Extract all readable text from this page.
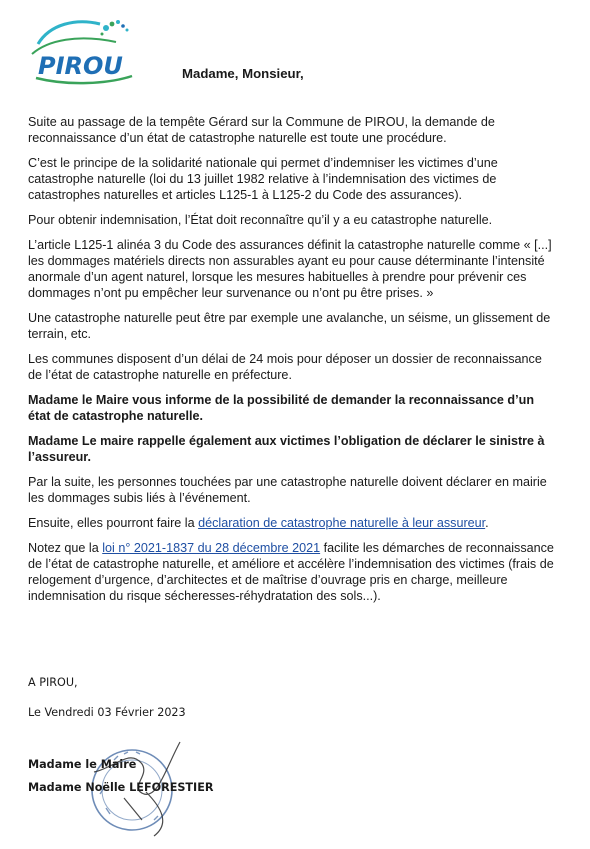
PIROU	Madame, Monsieur,

Suite au passage de la tempête Gérard sur la Commune de PIROU, la demande de reconnaissance d’un état de catastrophe naturelle est toute une procédure.

C’est le principe de la solidarité nationale qui permet d’indemniser les victimes d’une catastrophe naturelle (loi du 13 juillet 1982 relative à l’indemnisation des victimes de catastrophes naturelles et articles L125-1 à L125-2 du Code des assurances).

Pour obtenir indemnisation, l’État doit reconnaître qu’il y a eu catastrophe naturelle.

L’article L125-1 alinéa 3 du Code des assurances définit la catastrophe naturelle comme « [...] les dommages matériels directs non assurables ayant eu pour cause déterminante l’intensité anormale d’un agent naturel, lorsque les mesures habituelles à prendre pour prévenir ces dommages n’ont pu empêcher leur survenance ou n’ont pu être prises. »

Une catastrophe naturelle peut être par exemple une avalanche, un séisme, un glissement de terrain, etc.

Les communes disposent d’un délai de 24 mois pour déposer un dossier de reconnaissance de l’état de catastrophe naturelle en préfecture.

Madame le Maire vous informe de la possibilité de demander la reconnaissance d’un état de catastrophe naturelle.

Madame Le maire rappelle également aux victimes l’obligation de déclarer le sinistre à l’assureur.

Par la suite, les personnes touchées par une catastrophe naturelle doivent déclarer en mairie les dommages subis liés à l’événement.

Ensuite, elles pourront faire la déclaration de catastrophe naturelle à leur assureur.

Notez que la loi n° 2021-1837 du 28 décembre 2021 facilite les démarches de reconnaissance de l’état de catastrophe naturelle, et améliore et accélère l’indemnisation des victimes (frais de relogement d’urgence, d’architectes et de maîtrise d’ouvrage pris en charge, meilleure indemnisation du risque sécheresses-réhydratation des sols...).

A PIROU,
Le Vendredi 03 Février 2023
Madame le Maire
Madame Noëlle LEFORESTIER
